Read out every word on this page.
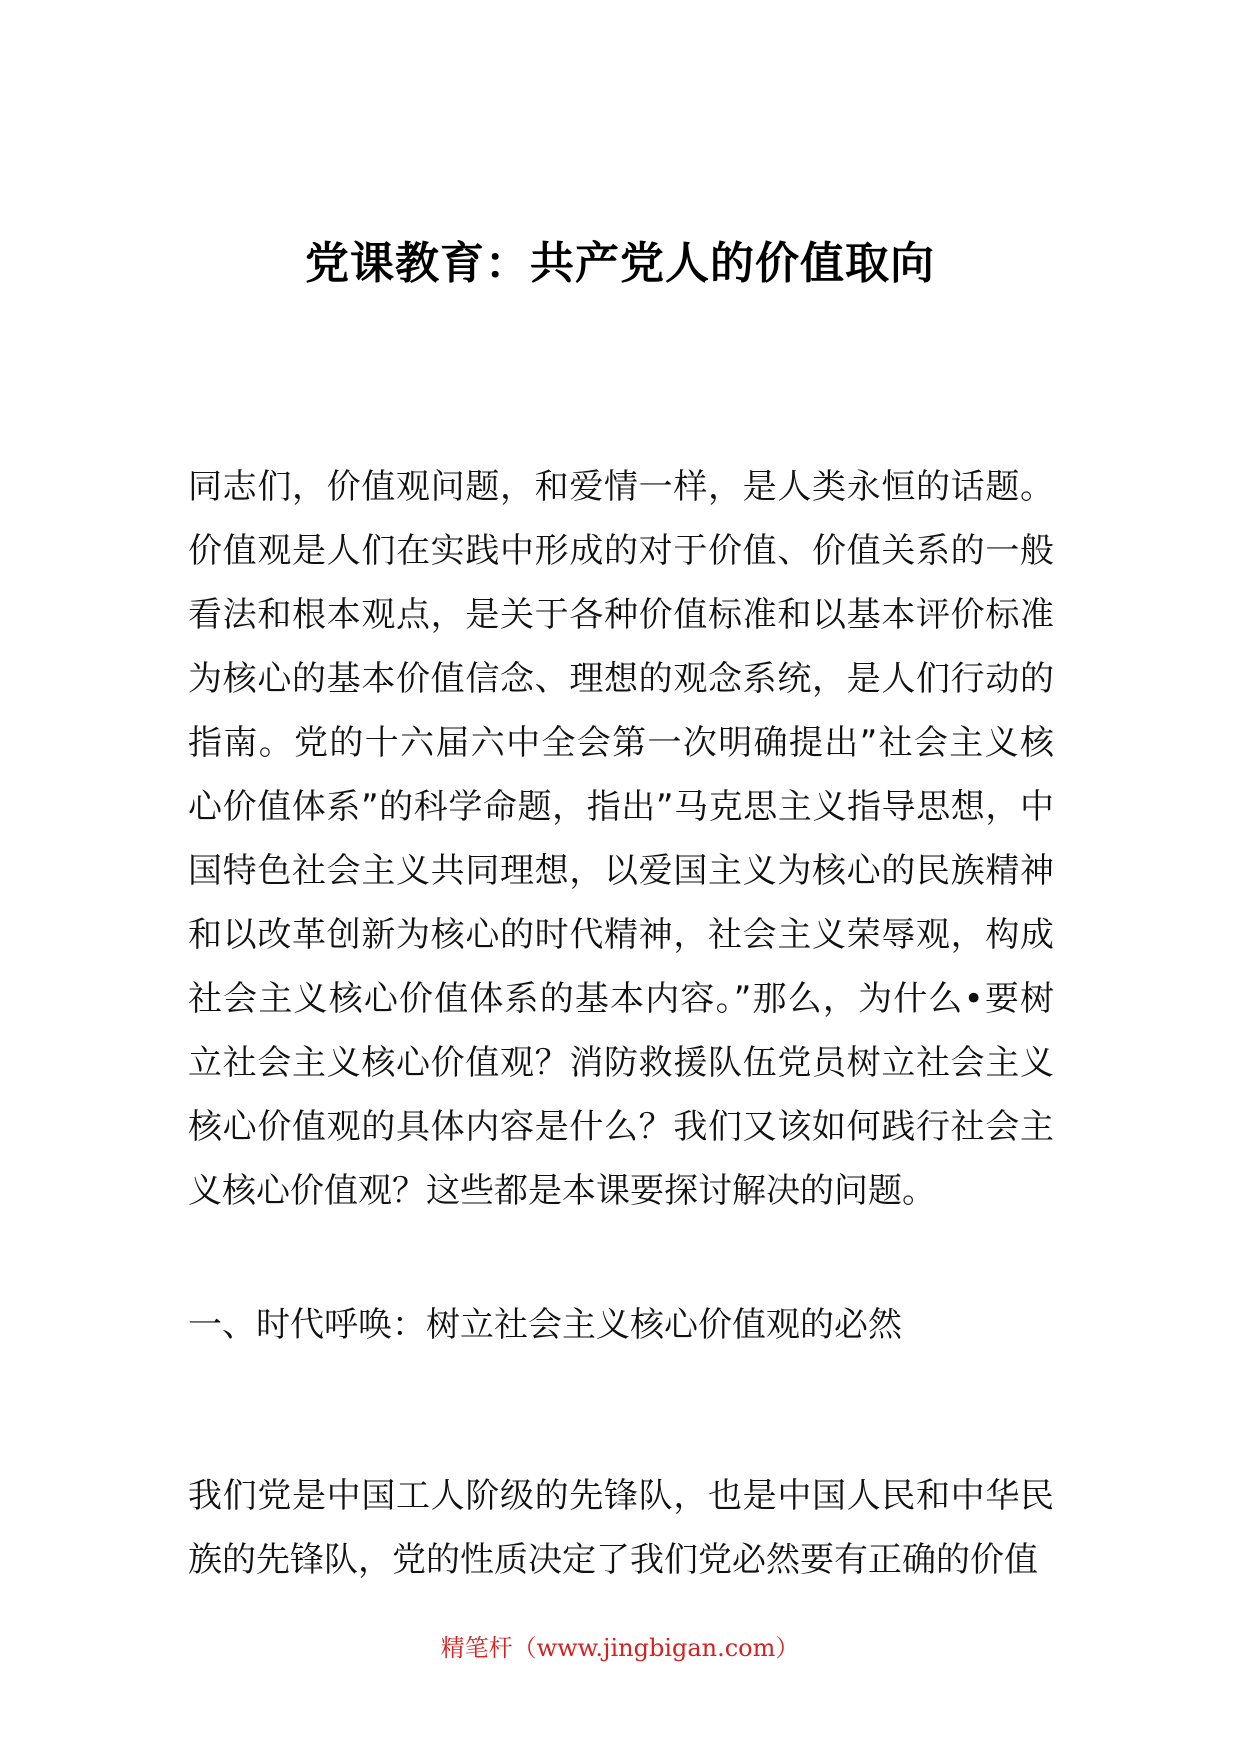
党课教育：共产党人的价值取向
同志们，价值观问题，和爱情一样，是人类永恒的话题。价值观是人们在实践中形成的对于价值、价值关系的一般看法和根本观点，是关于各种价值标准和以基本评价标准为核心的基本价值信念、理想的观念系统，是人们行动的指南。党的十六届六中全会第一次明确提出”社会主义核心价值体系”的科学命题，指出”马克思主义指导思想，中国特色社会主义共同理想，以爱国主义为核心的民族精神和以改革创新为核心的时代精神，社会主义荣辱观，构成社会主义核心价值体系的基本内容。”那么，为什么•要树立社会主义核心价值观？消防救援队伍党员树立社会主义核心价值观的具体内容是什么？我们又该如何践行社会主义核心价值观？这些都是本课要探讨解决的问题。
一、时代呼唤：树立社会主义核心价值观的必然
我们党是中国工人阶级的先锋队，也是中国人民和中华民族的先锋队，党的性质决定了我们党必然要有正确的价值
精笔杆（www.jingbigan.com）
